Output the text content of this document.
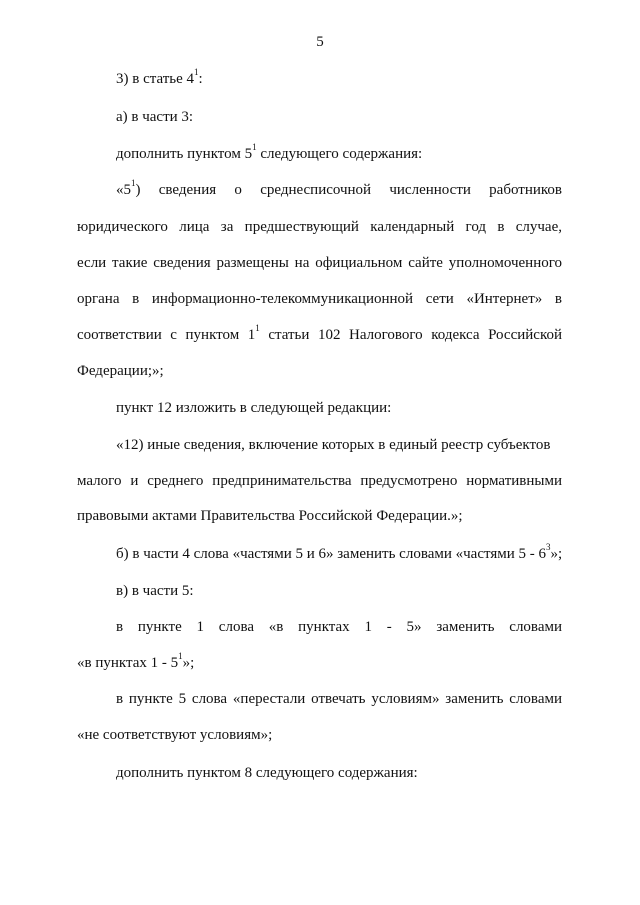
5

3) в статье $4^1$:

а) в части 3:

дополнить пунктом $5^1$ следующего содержания:

«$5^1$) сведения о среднесписочной численности работников

юридического лица за предшествующий календарный год в случае,

если такие сведения размещены на официальном сайте уполномоченного

органа в информационно-телекоммуникационной сети «Интернет» в

соответствии с пунктом $1^1$ статьи 102 Налогового кодекса Российской

Федерации;»;

пункт 12 изложить в следующей редакции:

«12) иные сведения, включение которых в единый реестр субъектов

малого и среднего предпринимательства предусмотрено нормативными

правовыми актами Правительства Российской Федерации.»;

б) в части 4 слова «частями 5 и 6» заменить словами «частями $5 - 6^3$»;

в) в части 5:

в пункте 1 слова «в пунктах 1 - 5» заменить словами

«в пунктах $1 - 5^1$»;

в пункте 5 слова «перестали отвечать условиям» заменить словами

«не соответствуют условиям»;

дополнить пунктом 8 следующего содержания:
